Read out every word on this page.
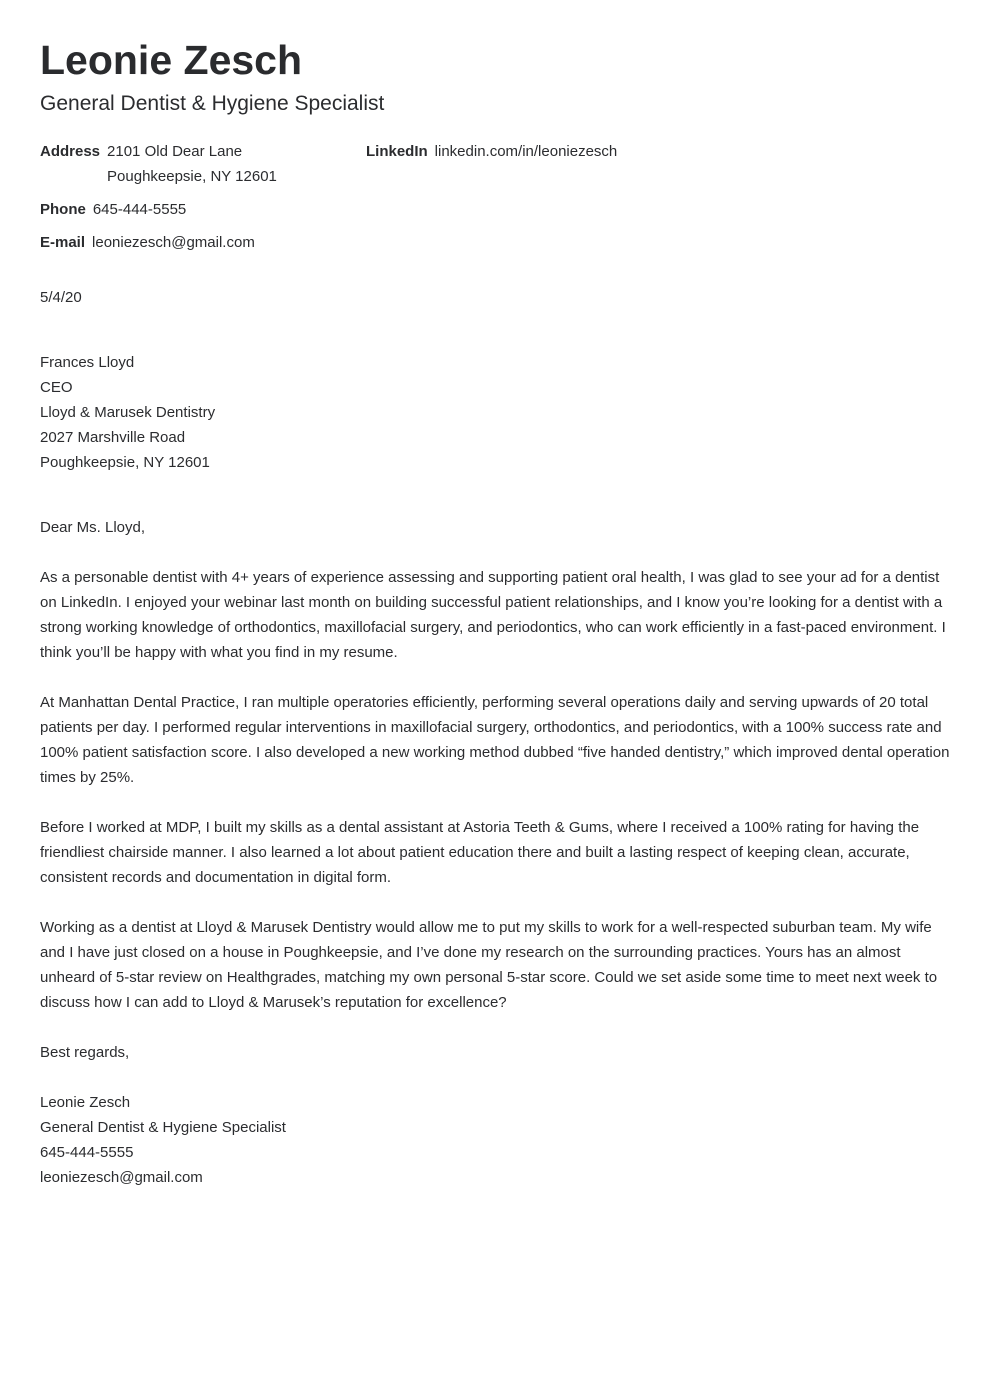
Leonie Zesch
General Dentist & Hygiene Specialist
Address 2101 Old Dear Lane
Poughkeepsie, NY 12601
LinkedIn linkedin.com/in/leoniezesch
Phone 645-444-5555
E-mail leoniezesch@gmail.com
5/4/20
Frances Lloyd
CEO
Lloyd & Marusek Dentistry
2027 Marshville Road
Poughkeepsie, NY 12601
Dear Ms. Lloyd,

As a personable dentist with 4+ years of experience assessing and supporting patient oral health, I was glad to see your ad for a dentist on LinkedIn. I enjoyed your webinar last month on building successful patient relationships, and I know you’re looking for a dentist with a strong working knowledge of orthodontics, maxillofacial surgery, and periodontics, who can work efficiently in a fast-paced environment. I think you’ll be happy with what you find in my resume.

At Manhattan Dental Practice, I ran multiple operatories efficiently, performing several operations daily and serving upwards of 20 total patients per day. I performed regular interventions in maxillofacial surgery, orthodontics, and periodontics, with a 100% success rate and 100% patient satisfaction score. I also developed a new working method dubbed “five handed dentistry,” which improved dental operation times by 25%.

Before I worked at MDP, I built my skills as a dental assistant at Astoria Teeth & Gums, where I received a 100% rating for having the friendliest chairside manner. I also learned a lot about patient education there and built a lasting respect of keeping clean, accurate, consistent records and documentation in digital form.

Working as a dentist at Lloyd & Marusek Dentistry would allow me to put my skills to work for a well-respected suburban team. My wife and I have just closed on a house in Poughkeepsie, and I’ve done my research on the surrounding practices. Yours has an almost unheard of 5-star review on Healthgrades, matching my own personal 5-star score. Could we set aside some time to meet next week to discuss how I can add to Lloyd & Marusek’s reputation for excellence?

Best regards,
Leonie Zesch
General Dentist & Hygiene Specialist
645-444-5555
leoniezesch@gmail.com
